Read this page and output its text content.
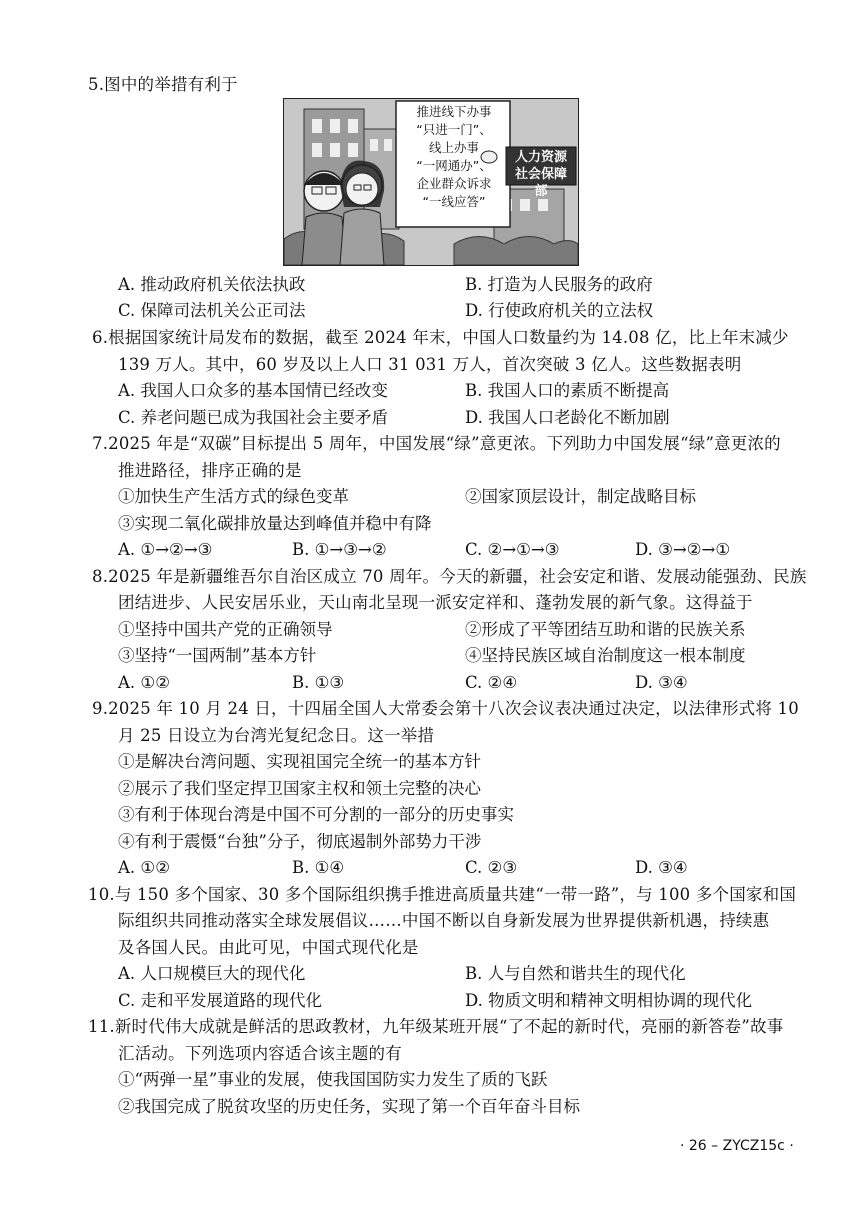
5.图中的举措有利于
推进线下办事
“只进一门”、
线上办事
“一网通办”、
企业群众诉求
“一线应答”
人力资源
社会保障部
A. 推动政府机关依法执政	B. 打造为人民服务的政府
C. 保障司法机关公正司法	D. 行使政府机关的立法权
6.根据国家统计局发布的数据，截至 2024 年末，中国人口数量约为 14.08 亿，比上年末减少
139 万人。其中，60 岁及以上人口 31 031 万人，首次突破 3 亿人。这些数据表明
A. 我国人口众多的基本国情已经改变	B. 我国人口的素质不断提高
C. 养老问题已成为我国社会主要矛盾	D. 我国人口老龄化不断加剧
7.2025 年是“双碳”目标提出 5 周年，中国发展“绿”意更浓。下列助力中国发展“绿”意更浓的
推进路径，排序正确的是
①加快生产生活方式的绿色变革	②国家顶层设计，制定战略目标
③实现二氧化碳排放量达到峰值并稳中有降
A. ①→②→③	B. ①→③→②	C. ②→①→③	D. ③→②→①
8.2025 年是新疆维吾尔自治区成立 70 周年。今天的新疆，社会安定和谐、发展动能强劲、民族
团结进步、人民安居乐业，天山南北呈现一派安定祥和、蓬勃发展的新气象。这得益于
①坚持中国共产党的正确领导	②形成了平等团结互助和谐的民族关系
③坚持“一国两制”基本方针	④坚持民族区域自治制度这一根本制度
A. ①②	B. ①③	C. ②④	D. ③④
9.2025 年 10 月 24 日，十四届全国人大常委会第十八次会议表决通过决定，以法律形式将 10
月 25 日设立为台湾光复纪念日。这一举措
①是解决台湾问题、实现祖国完全统一的基本方针
②展示了我们坚定捍卫国家主权和领土完整的决心
③有利于体现台湾是中国不可分割的一部分的历史事实
④有利于震慑“台独”分子，彻底遏制外部势力干涉
A. ①②	B. ①④	C. ②③	D. ③④
10.与 150 多个国家、30 多个国际组织携手推进高质量共建“一带一路”，与 100 多个国家和国
际组织共同推动落实全球发展倡议……中国不断以自身新发展为世界提供新机遇，持续惠
及各国人民。由此可见，中国式现代化是
A. 人口规模巨大的现代化	B. 人与自然和谐共生的现代化
C. 走和平发展道路的现代化	D. 物质文明和精神文明相协调的现代化
11.新时代伟大成就是鲜活的思政教材，九年级某班开展“了不起的新时代，亮丽的新答卷”故事
汇活动。下列选项内容适合该主题的有
①“两弹一星”事业的发展，使我国国防实力发生了质的飞跃
②我国完成了脱贫攻坚的历史任务，实现了第一个百年奋斗目标
· 26 – ZYCZ15c ·
